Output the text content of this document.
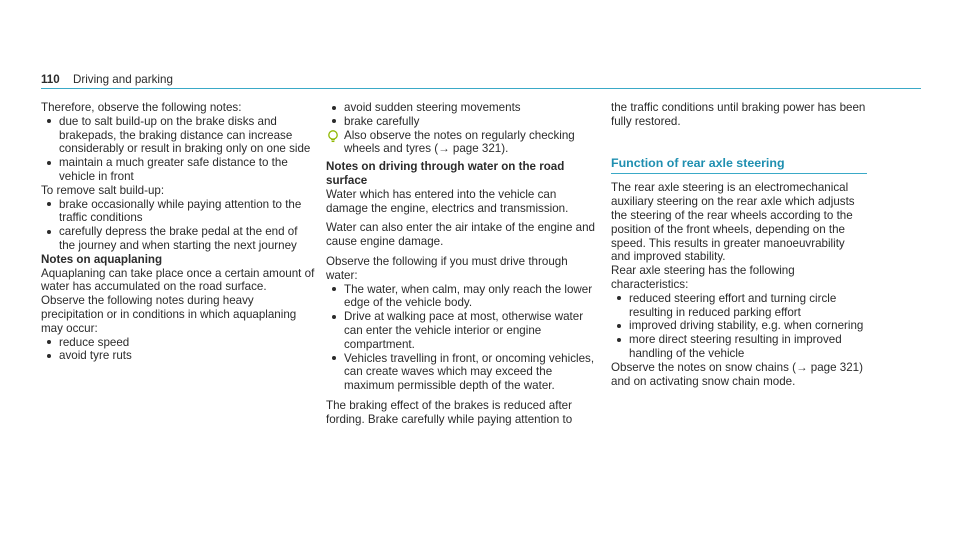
110 Driving and parking

Therefore, observe the following notes:

due to salt build-up on the brake disks and brakepads, the braking distance can increase considerably or result in braking only on one side
maintain a much greater safe distance to the vehicle in front

To remove salt build-up:

brake occasionally while paying attention to the traffic conditions
carefully depress the brake pedal at the end of the journey and when starting the next journey
Notes on aquaplaning

Aquaplaning can take place once a certain amount of water has accumulated on the road surface.

Observe the following notes during heavy precipitation or in conditions in which aquaplaning may occur:

reduce speed
avoid tyre ruts
avoid sudden steering movements
brake carefully

Also observe the notes on regularly checking wheels and tyres (→ page 321).

Notes on driving through water on the road surface

Water which has entered into the vehicle can damage the engine, electrics and transmission.

Water can also enter the air intake of the engine and cause engine damage.

Observe the following if you must drive through water:

The water, when calm, may only reach the lower edge of the vehicle body.
Drive at walking pace at most, otherwise water can enter the vehicle interior or engine compartment.
Vehicles travelling in front, or oncoming vehicles, can create waves which may exceed the maximum permissible depth of the water.

The braking effect of the brakes is reduced after fording. Brake carefully while paying attention to

the traffic conditions until braking power has been fully restored.

Function of rear axle steering

The rear axle steering is an electromechanical auxiliary steering on the rear axle which adjusts the steering of the rear wheels according to the position of the front wheels, depending on the speed. This results in greater manoeuvrability and improved stability.

Rear axle steering has the following characteristics:

reduced steering effort and turning circle resulting in reduced parking effort
improved driving stability, e.g. when cornering
more direct steering resulting in improved handling of the vehicle

Observe the notes on snow chains (→ page 321) and on activating snow chain mode.
